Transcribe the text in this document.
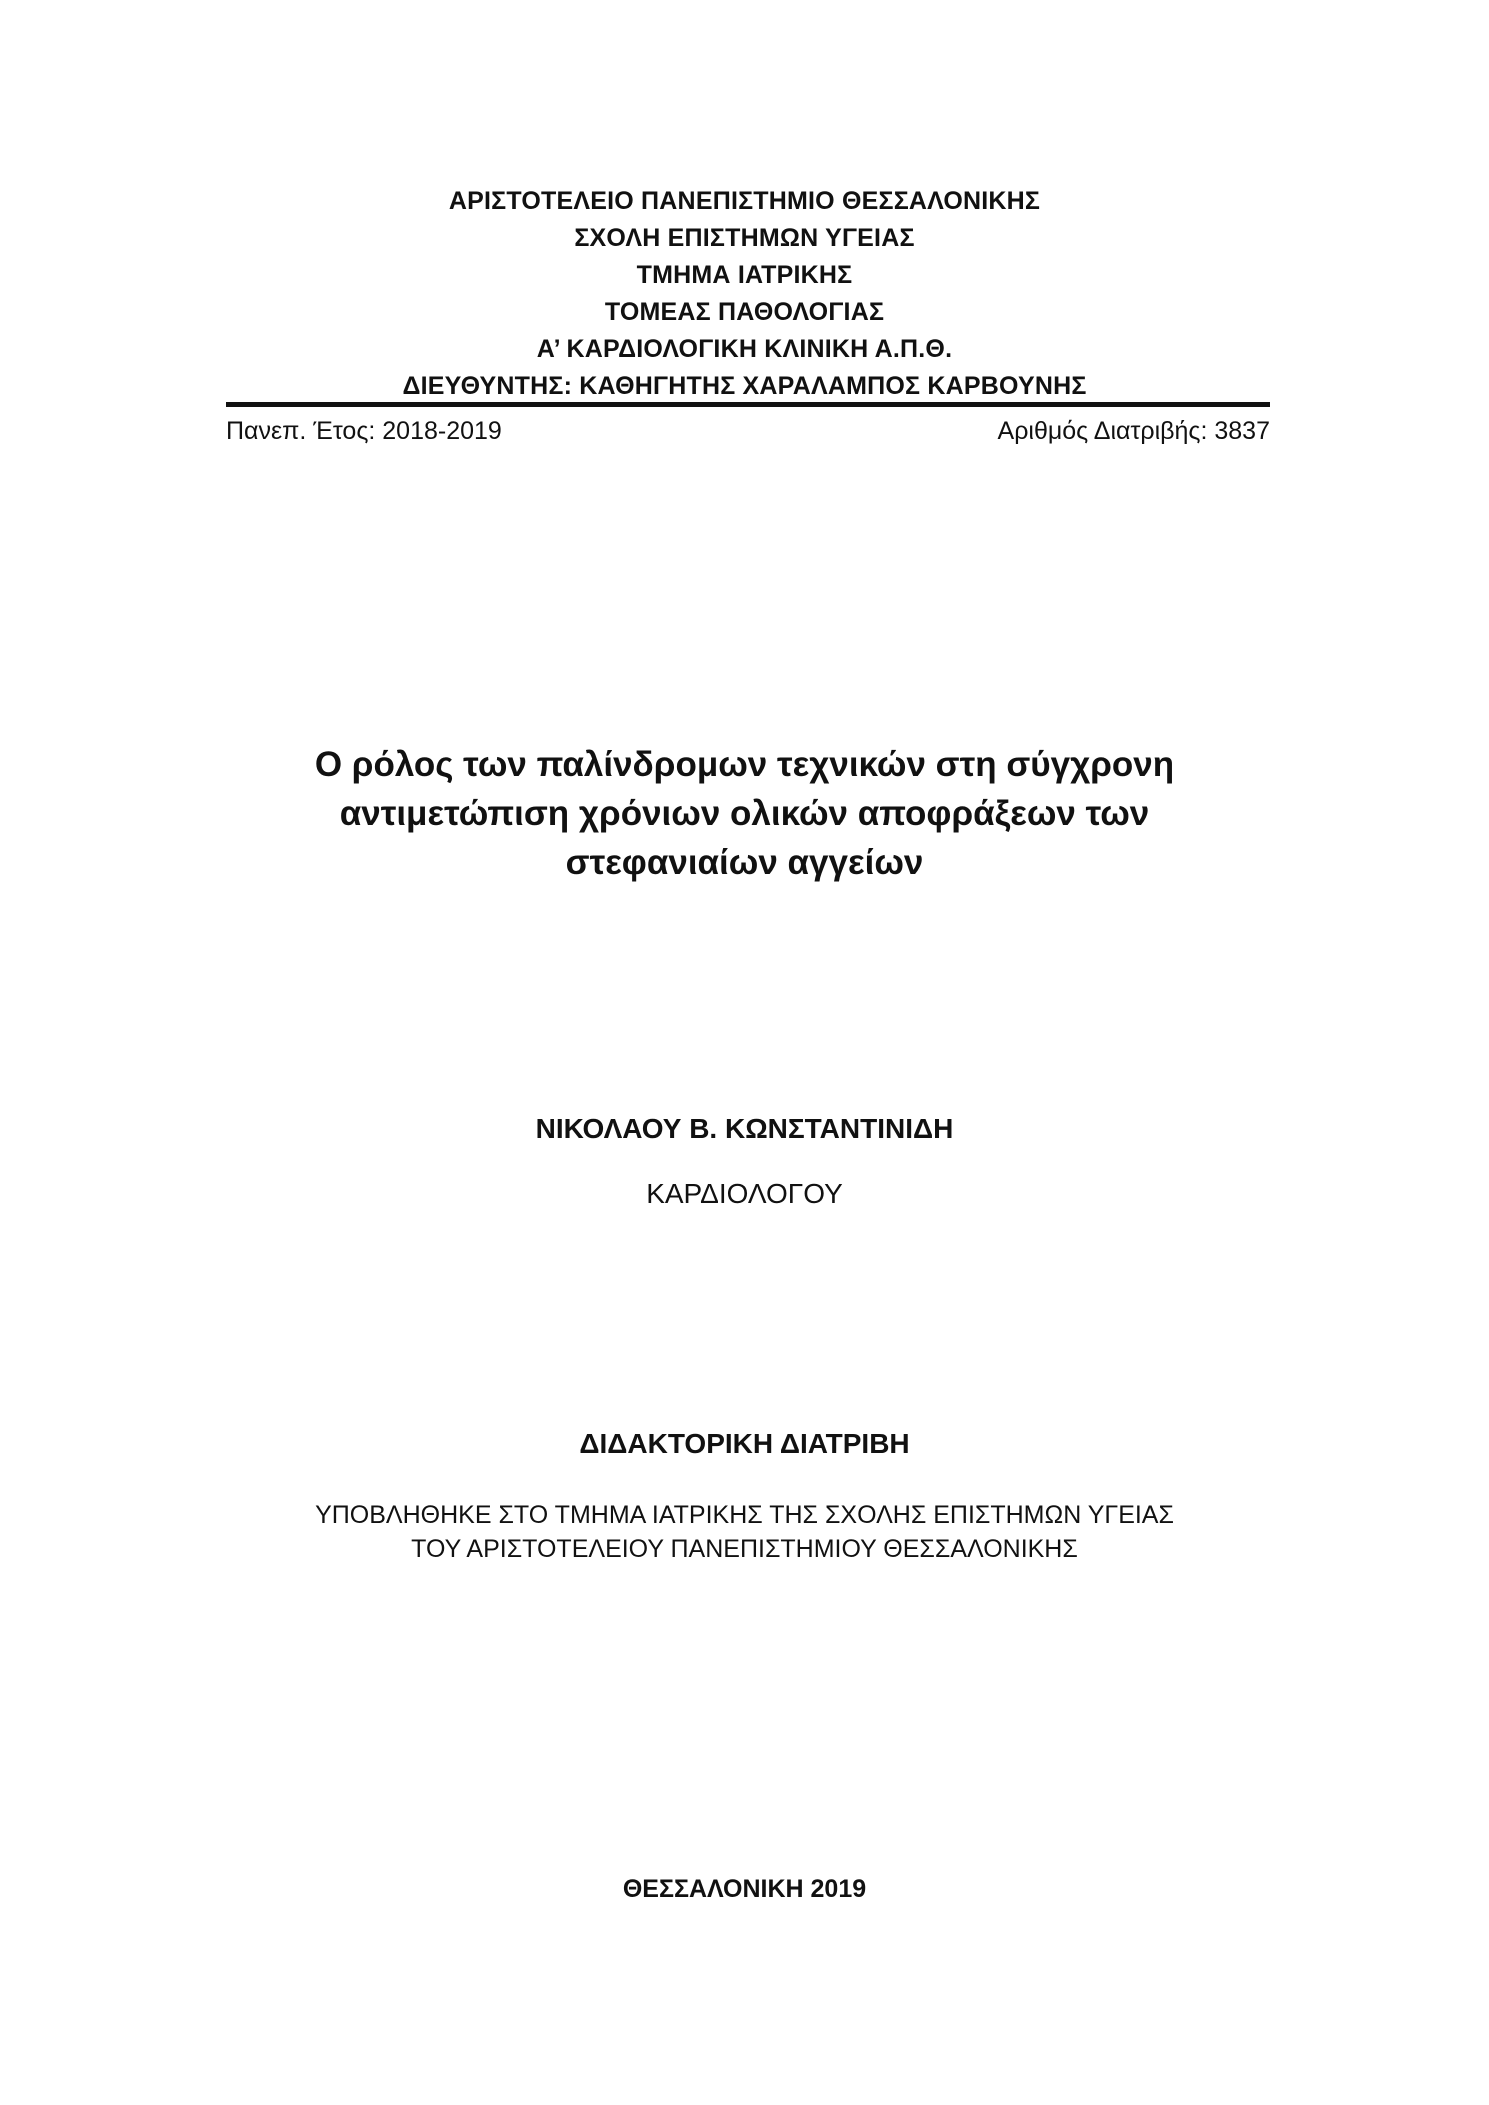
ΑΡΙΣΤΟΤΕΛΕΙΟ ΠΑΝΕΠΙΣΤΗΜΙΟ ΘΕΣΣΑΛΟΝΙΚΗΣ
ΣΧΟΛΗ ΕΠΙΣΤΗΜΩΝ ΥΓΕΙΑΣ
ΤΜΗΜΑ ΙΑΤΡΙΚΗΣ
ΤΟΜΕΑΣ ΠΑΘΟΛΟΓΙΑΣ
Α’ ΚΑΡΔΙΟΛΟΓΙΚΗ ΚΛΙΝΙΚΗ Α.Π.Θ.
ΔΙΕΥΘΥΝΤΗΣ: ΚΑΘΗΓΗΤΗΣ ΧΑΡΑΛΑΜΠΟΣ ΚΑΡΒΟΥΝΗΣ
Πανεπ. Έτος: 2018-2019	Αριθμός Διατριβής: 3837
Ο ρόλος των παλίνδρομων τεχνικών στη σύγχρονη
αντιμετώπιση χρόνιων ολικών αποφράξεων των
στεφανιαίων αγγείων
ΝΙΚΟΛΑΟΥ Β. ΚΩΝΣΤΑΝΤΙΝΙΔΗ
ΚΑΡΔΙΟΛΟΓΟΥ
ΔΙΔΑΚΤΟΡΙΚΗ ΔΙΑΤΡΙΒΗ
ΥΠΟΒΛΗΘΗΚΕ ΣΤΟ ΤΜΗΜΑ ΙΑΤΡΙΚΗΣ ΤΗΣ ΣΧΟΛΗΣ ΕΠΙΣΤΗΜΩΝ ΥΓΕΙΑΣ
ΤΟΥ ΑΡΙΣΤΟΤΕΛΕΙΟΥ ΠΑΝΕΠΙΣΤΗΜΙΟΥ ΘΕΣΣΑΛΟΝΙΚΗΣ
ΘΕΣΣΑΛΟΝΙΚΗ 2019
